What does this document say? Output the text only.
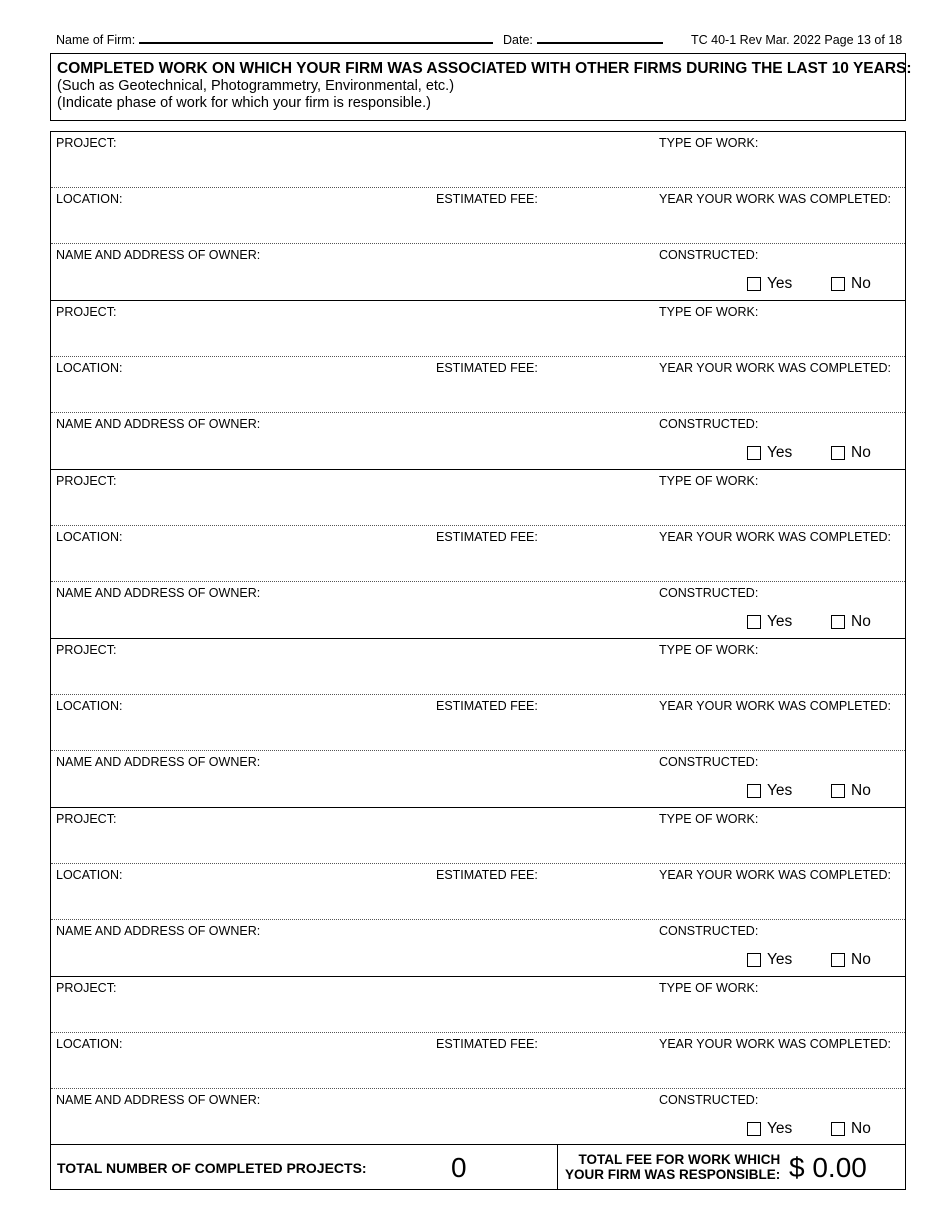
Name of Firm:	Date:	TC 40-1 Rev Mar. 2022 Page 13 of 18
COMPLETED WORK ON WHICH YOUR FIRM WAS ASSOCIATED WITH OTHER FIRMS DURING THE LAST 10 YEARS:
(Such as Geotechnical, Photogrammetry, Environmental, etc.)
(Indicate phase of work for which your firm is responsible.)
PROJECT:	TYPE OF WORK:
LOCATION:	ESTIMATED FEE:	YEAR YOUR WORK WAS COMPLETED:
NAME AND ADDRESS OF OWNER:	CONSTRUCTED:
Yes	No
PROJECT:	TYPE OF WORK:
LOCATION:	ESTIMATED FEE:	YEAR YOUR WORK WAS COMPLETED:
NAME AND ADDRESS OF OWNER:	CONSTRUCTED:
Yes	No
PROJECT:	TYPE OF WORK:
LOCATION:	ESTIMATED FEE:	YEAR YOUR WORK WAS COMPLETED:
NAME AND ADDRESS OF OWNER:	CONSTRUCTED:
Yes	No
PROJECT:	TYPE OF WORK:
LOCATION:	ESTIMATED FEE:	YEAR YOUR WORK WAS COMPLETED:
NAME AND ADDRESS OF OWNER:	CONSTRUCTED:
Yes	No
PROJECT:	TYPE OF WORK:
LOCATION:	ESTIMATED FEE:	YEAR YOUR WORK WAS COMPLETED:
NAME AND ADDRESS OF OWNER:	CONSTRUCTED:
Yes	No
PROJECT:	TYPE OF WORK:
LOCATION:	ESTIMATED FEE:	YEAR YOUR WORK WAS COMPLETED:
NAME AND ADDRESS OF OWNER:	CONSTRUCTED:
Yes	No
TOTAL NUMBER OF COMPLETED PROJECTS:	0	TOTAL FEE FOR WORK WHICH
YOUR FIRM WAS RESPONSIBLE: $ 0.00
